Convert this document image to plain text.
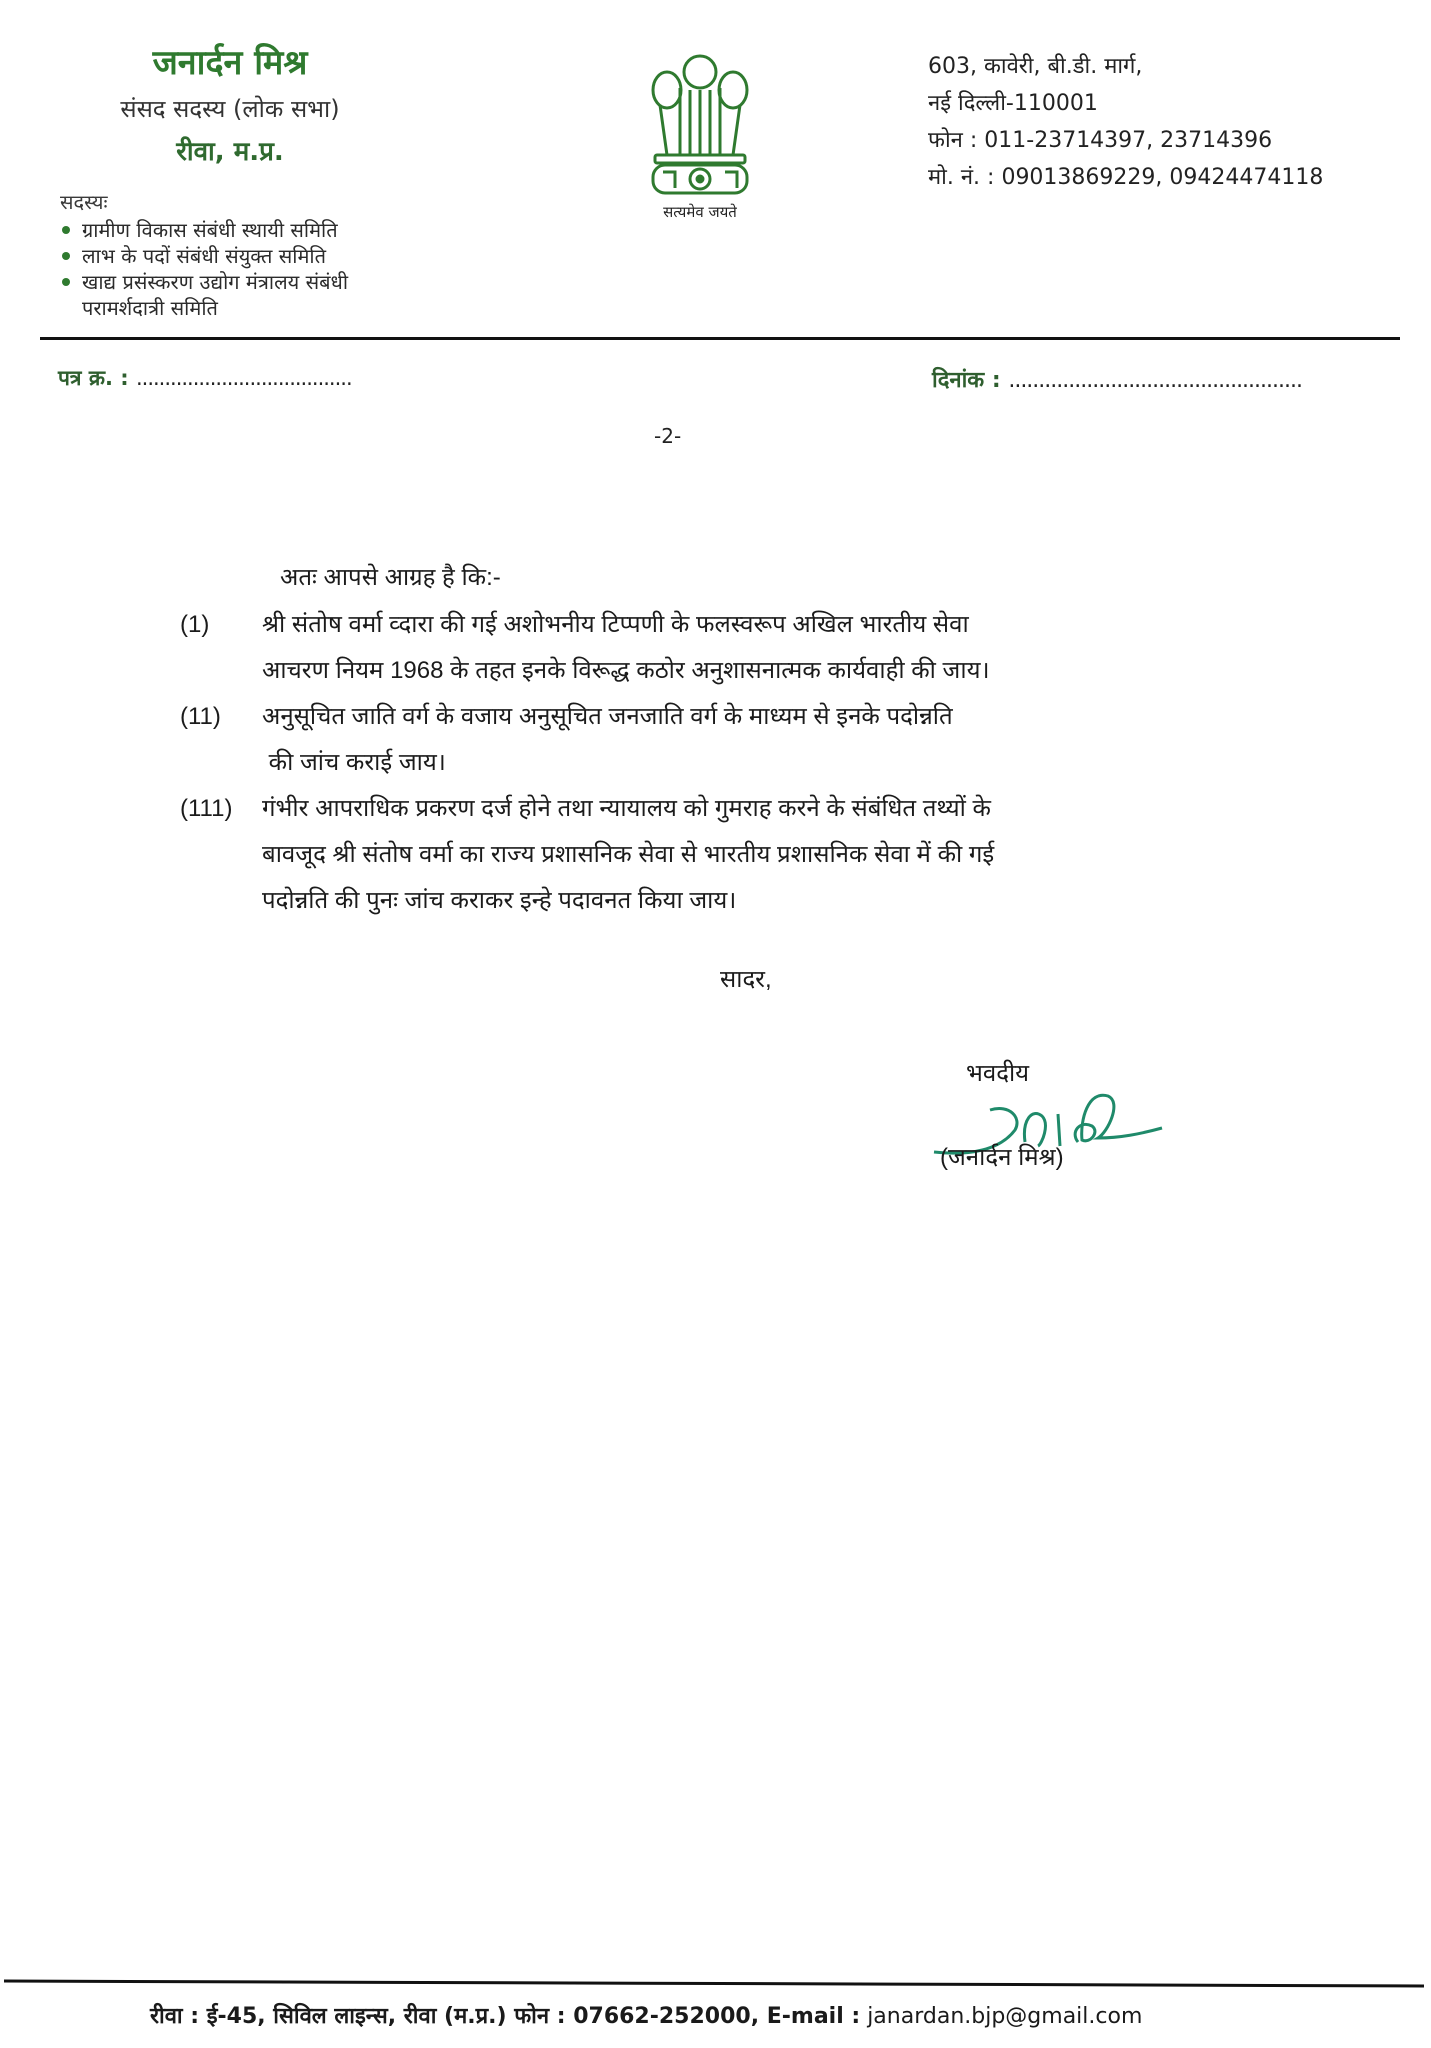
जनार्दन मिश्र
संसद सदस्य (लोक सभा)
रीवा, म.प्र.
सदस्यः
ग्रामीण विकास संबंधी स्थायी समिति
लाभ के पदों संबंधी संयुक्त समिति
खाद्य प्रसंस्करण उद्योग मंत्रालय संबंधी
परामर्शदात्री समिति
सत्यमेव जयते
603, कावेरी, बी.डी. मार्ग,
नई दिल्ली-110001
फोन : 011-23714397, 23714396
मो. नं. : 09013869229, 09424474118
पत्र क्र. : ......................................	दिनांक : .................................................
-2-
अतः आपसे आग्रह है कि:-
(1)	श्री संतोष वर्मा व्दारा की गई अशोभनीय टिप्पणी के फलस्वरूप अखिल भारतीय सेवा
आचरण नियम 1968 के तहत इनके विरूद्ध कठोर अनुशासनात्मक कार्यवाही की जाय।
(11)	अनुसूचित जाति वर्ग के वजाय अनुसूचित जनजाति वर्ग के माध्यम से इनके पदोन्नति
की जांच कराई जाय।
(111)	गंभीर आपराधिक प्रकरण दर्ज होने तथा न्यायालय को गुमराह करने के संबंधित तथ्यों के
बावजूद श्री संतोष वर्मा का राज्य प्रशासनिक सेवा से भारतीय प्रशासनिक सेवा में की गई
पदोन्नति की पुनः जांच कराकर इन्हे पदावनत किया जाय।
सादर,
भवदीय
(जनार्दन मिश्र)
रीवा : ई-45, सिविल लाइन्स, रीवा (म.प्र.) फोन : 07662-252000, E-mail : janardan.bjp@gmail.com
